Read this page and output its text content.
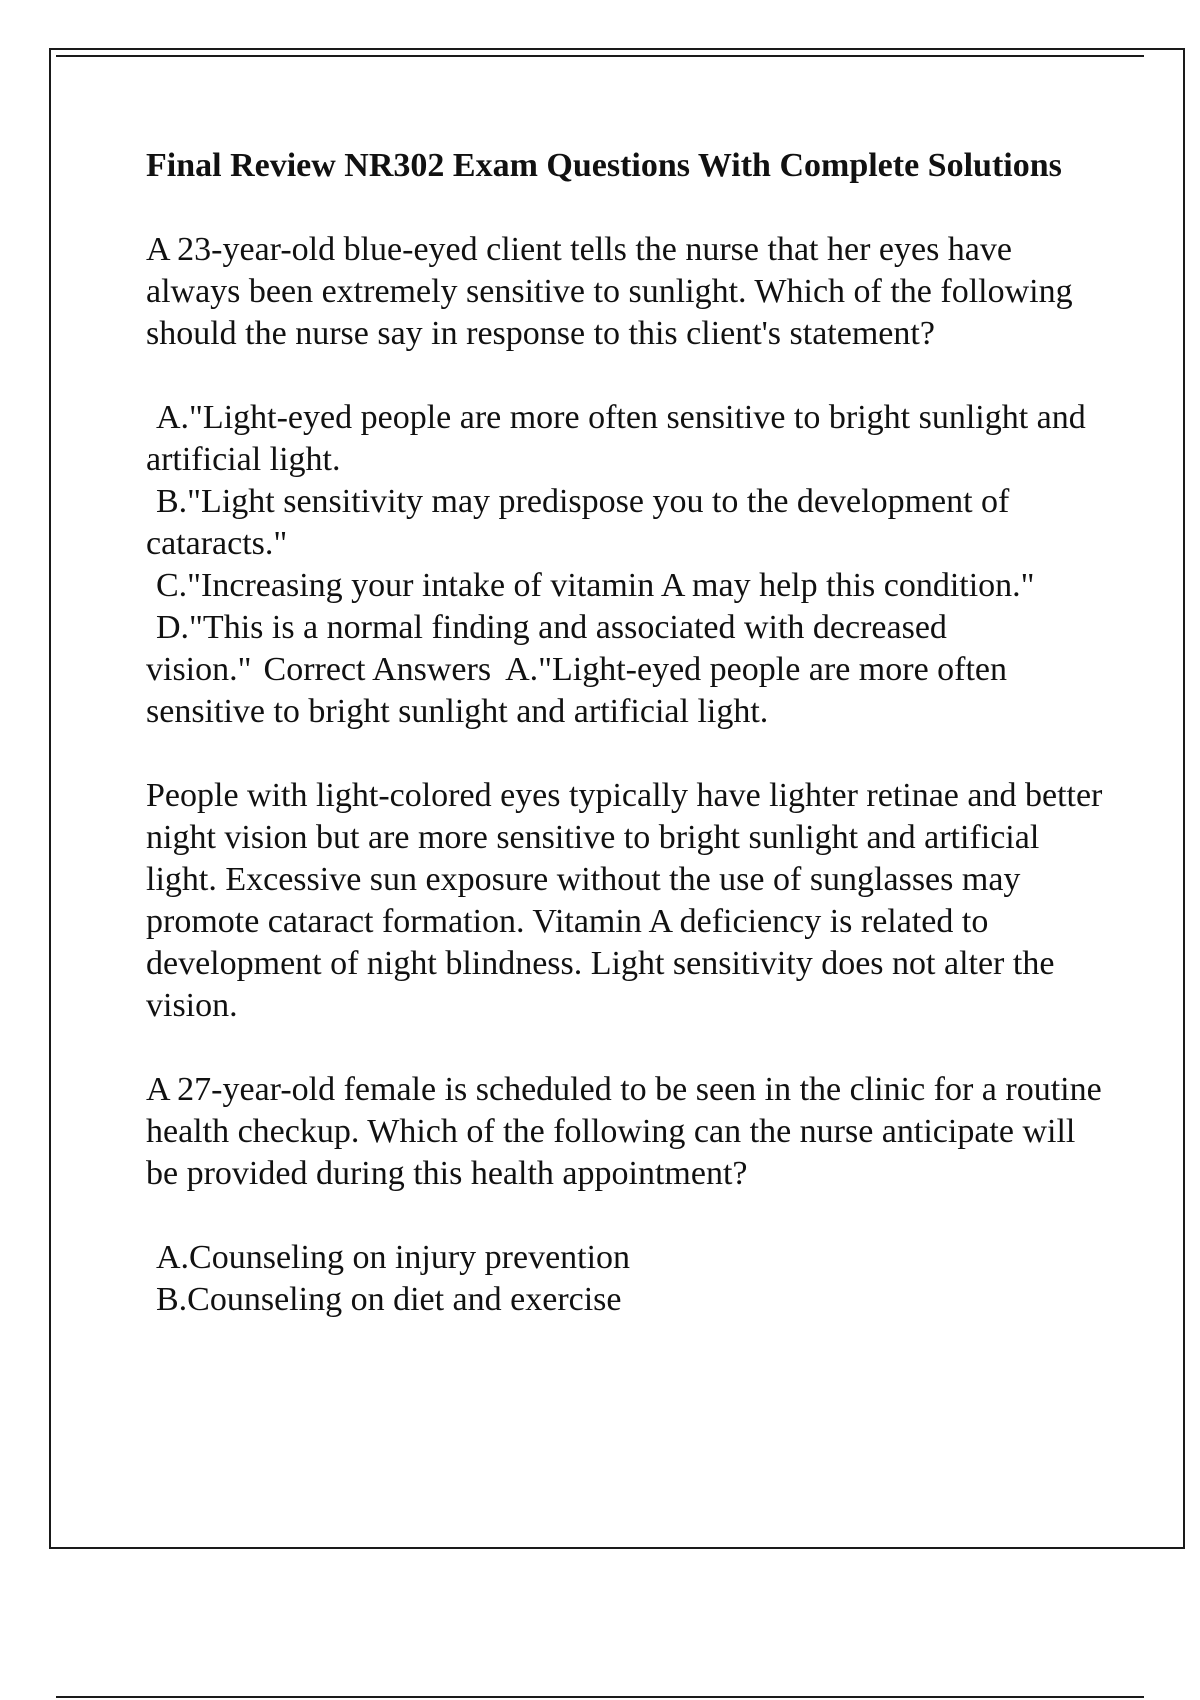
Final Review NR302 Exam Questions With Complete Solutions
A 23-year-old blue-eyed client tells the nurse that her eyes have always been extremely sensitive to sunlight. Which of the following should the nurse say in response to this client's statement?
A."Light-eyed people are more often sensitive to bright sunlight and artificial light.
B."Light sensitivity may predispose you to the development of cataracts."
C."Increasing your intake of vitamin A may help this condition."
D."This is a normal finding and associated with decreased vision." Correct Answers A."Light-eyed people are more often sensitive to bright sunlight and artificial light.
People with light-colored eyes typically have lighter retinae and better night vision but are more sensitive to bright sunlight and artificial light. Excessive sun exposure without the use of sunglasses may promote cataract formation. Vitamin A deficiency is related to development of night blindness. Light sensitivity does not alter the vision.
A 27-year-old female is scheduled to be seen in the clinic for a routine health checkup. Which of the following can the nurse anticipate will be provided during this health appointment?
A.Counseling on injury prevention
B.Counseling on diet and exercise
